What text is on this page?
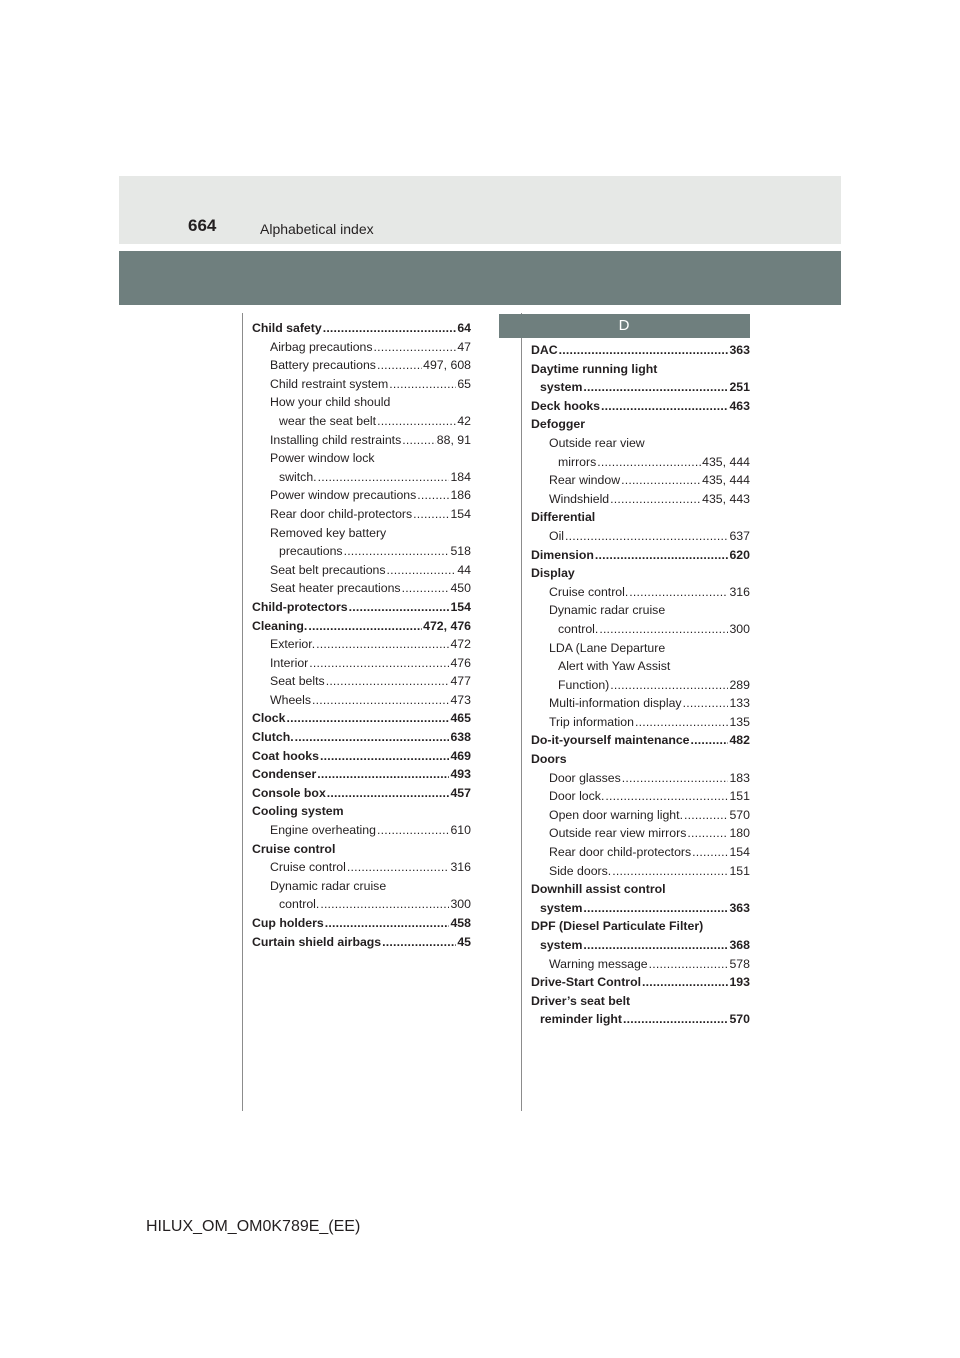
664	Alphabetical index
D
Child safety .....	64
Airbag precautions .....	47
Battery precautions .....	497, 608
Child restraint system .....	65
How your child should
wear the seat belt .....	42
Installing child restraints .....	88, 91
Power window lock
switch. .....	184
Power window precautions .....	186
Rear door child-protectors .....	154
Removed key battery
precautions .....	518
Seat belt precautions .....	44
Seat heater precautions .....	450
Child-protectors .....	154
Cleaning. .....	472, 476
Exterior. .....	472
Interior .....	476
Seat belts .....	477
Wheels .....	473
Clock .....	465
Clutch. .....	638
Coat hooks .....	469
Condenser .....	493
Console box .....	457
Cooling system
Engine overheating .....	610
Cruise control
Cruise control .....	316
Dynamic radar cruise
control. .....	300
Cup holders .....	458
Curtain shield airbags .....	45
DAC .....	363
Daytime running light
system .....	251
Deck hooks .....	463
Defogger
Outside rear view
mirrors .....	435, 444
Rear window .....	435, 444
Windshield .....	435, 443
Differential
Oil .....	637
Dimension .....	620
Display
Cruise control. .....	316
Dynamic radar cruise
control. .....	300
LDA (Lane Departure
Alert with Yaw Assist
Function) .....	289
Multi-information display .....	133
Trip information .....	135
Do-it-yourself maintenance .....	482
Doors
Door glasses .....	183
Door lock. .....	151
Open door warning light. .....	570
Outside rear view mirrors .....	180
Rear door child-protectors .....	154
Side doors. .....	151
Downhill assist control
system .....	363
DPF (Diesel Particulate Filter)
system .....	368
Warning message .....	578
Drive-Start Control .....	193
Driver’s seat belt
reminder light .....	570
HILUX_OM_OM0K789E_(EE)
